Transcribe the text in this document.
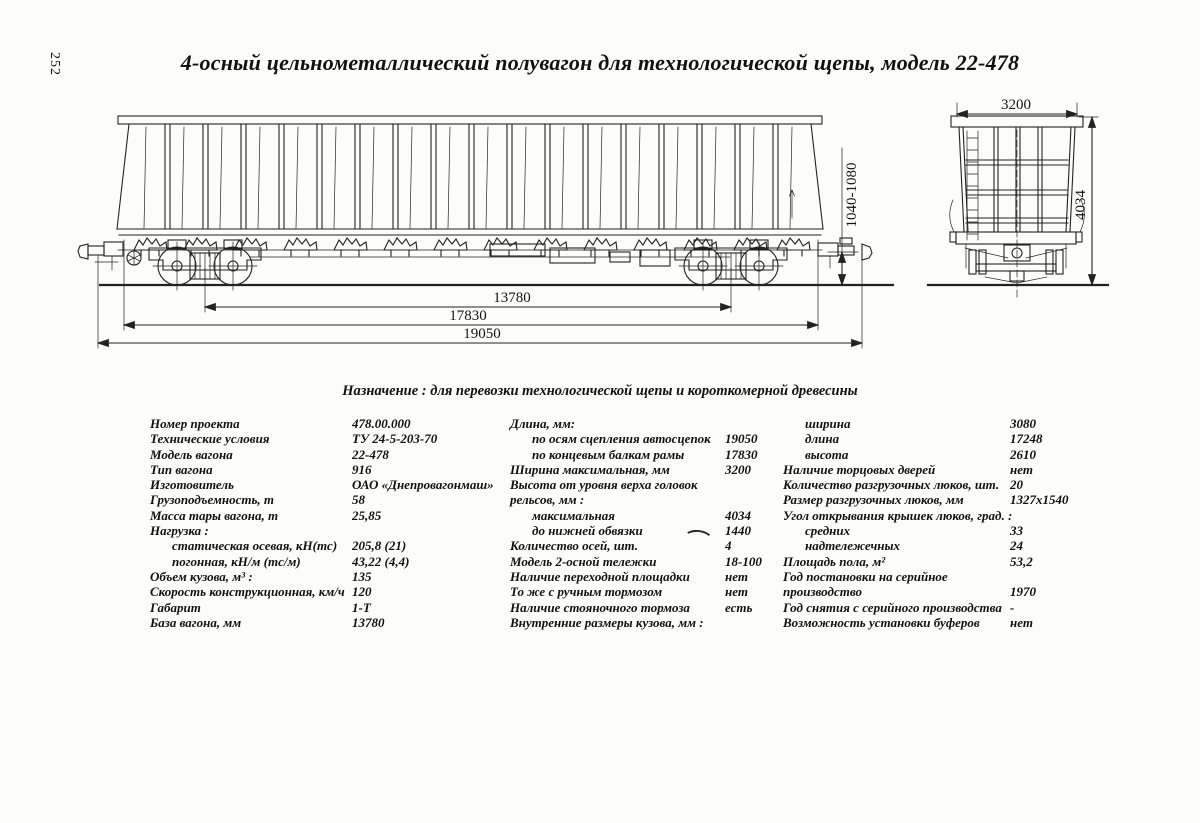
252	4-осный цельнометаллический полувагон для технологической щепы, модель 22-478
13780
17830
19050
1040-1080
3200
4034
Назначение : для перевозки технологической щепы и короткомерной древесины
Номер проекта	478.00.000
Технические условия	ТУ 24-5-203-70
Модель вагона	22-478
Тип вагона	916
Изготовитель	ОАО «Днепровагонмаш»
Грузоподъемность, т	58
Масса тары вагона, т	25,85
Нагрузка :
статическая осевая, кН(тс) 205,8 (21)
погонная, кН/м (тс/м)	43,22 (4,4)
Объем кузова, м³ :	135
Скорость конструкционная, км/ч 120
Габарит	1-Т
База вагона, мм	13780
Длина, мм:
по осям сцепления автосцепок 19050
по концевым балкам рамы	17830
Ширина максимальная, мм	3200
Высота от уровня верха головок
рельсов, мм :
максимальная	4034
до нижней обвязки	1440
Количество осей, шт.	4
Модель 2-осной тележки	18-100
Наличие переходной площадки	нет
То же с ручным тормозом	нет
Наличие стояночного тормоза	есть
Внутренние размеры кузова, мм :
ширина	3080
длина	17248
высота	2610
Наличие торцовых дверей	нет
Количество разгрузочных люков, шт. 20
Размер разгрузочных люков, мм	1327х1540
Угол открывания крышек люков, град. :
средних	33
надтележечных	24
Площадь пола, м²	53,2
Год постановки на серийное
производство	1970
Год снятия с серийного производства -
Возможность установки буферов нет
